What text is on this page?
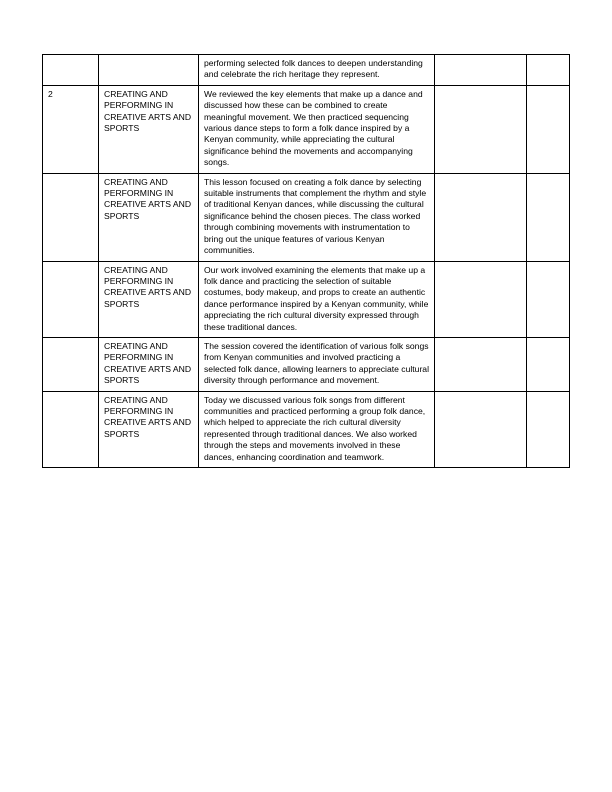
		performing selected folk dances to deepen understanding and celebrate the rich heritage they represent.		
2	CREATING AND PERFORMING IN CREATIVE ARTS AND SPORTS	We reviewed the key elements that make up a dance and discussed how these can be combined to create meaningful movement. We then practiced sequencing various dance steps to form a folk dance inspired by a Kenyan community, while appreciating the cultural significance behind the movements and accompanying songs.		
	CREATING AND PERFORMING IN CREATIVE ARTS AND SPORTS	This lesson focused on creating a folk dance by selecting suitable instruments that complement the rhythm and style of traditional Kenyan dances, while discussing the cultural significance behind the chosen pieces. The class worked through combining movements with instrumentation to bring out the unique features of various Kenyan communities.		
	CREATING AND PERFORMING IN CREATIVE ARTS AND SPORTS	Our work involved examining the elements that make up a folk dance and practicing the selection of suitable costumes, body makeup, and props to create an authentic dance performance inspired by a Kenyan community, while appreciating the rich cultural diversity expressed through these traditional dances.		
	CREATING AND PERFORMING IN CREATIVE ARTS AND SPORTS	The session covered the identification of various folk songs from Kenyan communities and involved practicing a selected folk dance, allowing learners to appreciate cultural diversity through performance and movement.		
	CREATING AND PERFORMING IN CREATIVE ARTS AND SPORTS	Today we discussed various folk songs from different communities and practiced performing a group folk dance, which helped to appreciate the rich cultural diversity represented through traditional dances. We also worked through the steps and movements involved in these dances, enhancing coordination and teamwork.		
